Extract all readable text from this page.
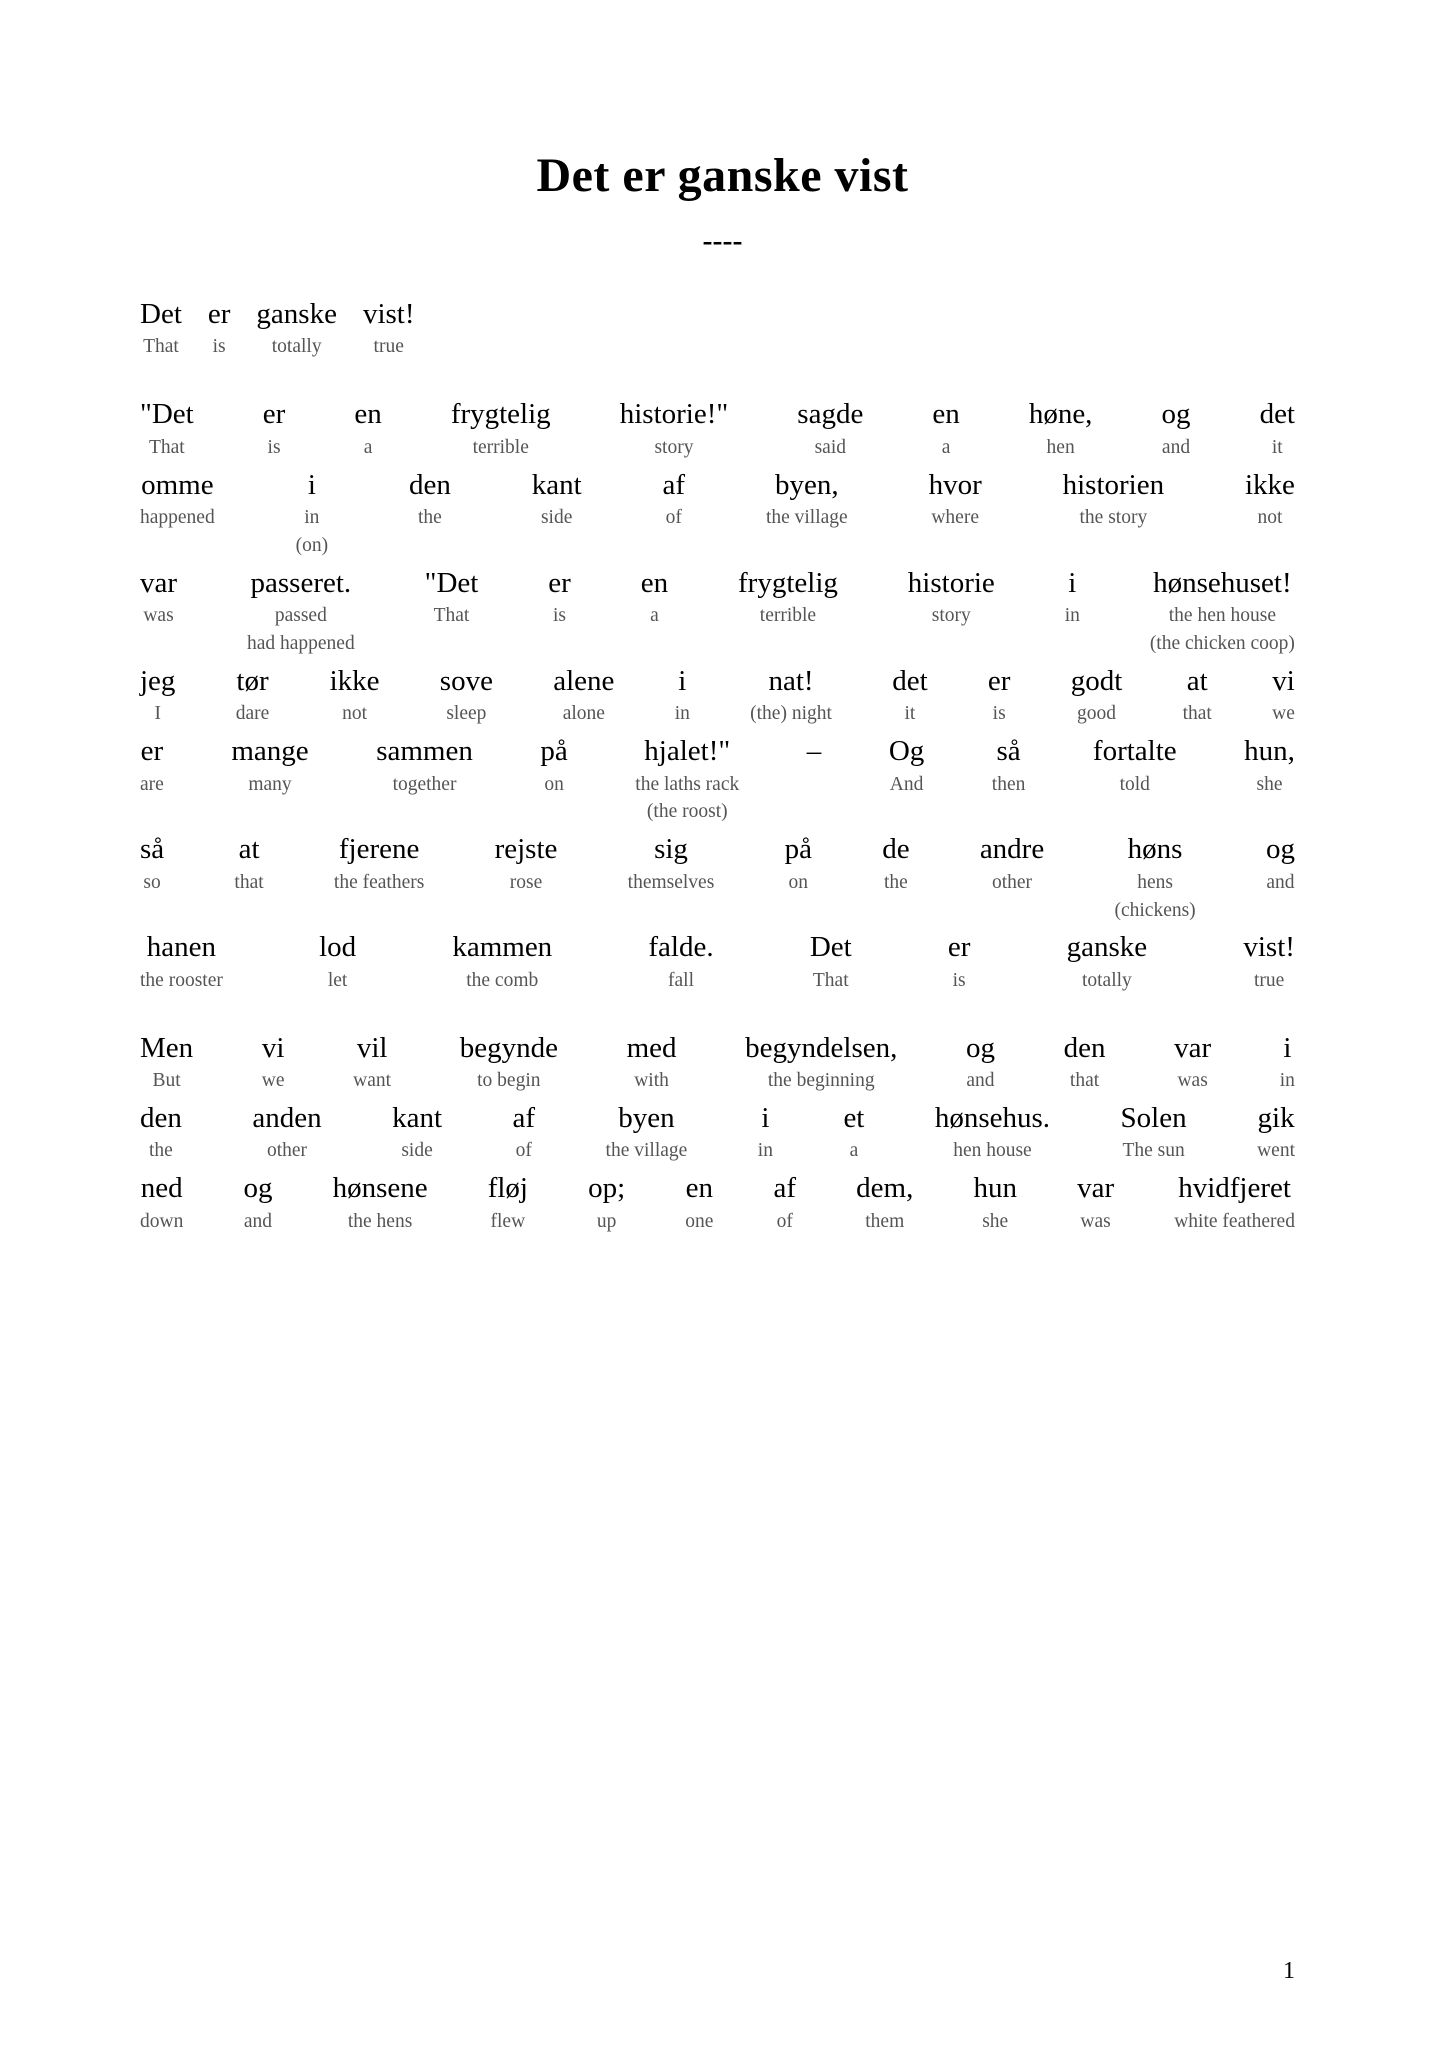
Det er ganske vist
----
Det
That
er
is
ganske
totally
vist!
true
"Det
That
er
is
en
a
frygtelig
terrible
historie!"
story
sagde
said
en
a
høne,
hen
og
and
det
it
omme
happened
i
in
(on)
den
the
kant
side
af
of
byen,
the village
hvor
where
historien
the story
ikke
not
var
was
passeret.
passed
had happened
"Det
That
er
is
en
a
frygtelig
terrible
historie
story
i
in
hønsehuset!
the hen house
(the chicken coop)
jeg
I
tør
dare
ikke
not
sove
sleep
alene
alone
i
in
nat!
(the) night
det
it
er
is
godt
good
at
that
vi
we
er
are
mange
many
sammen
together
på
on
hjalet!"
the laths rack
(the roost)
– Og
And
så
then
fortalte
told
hun,
she
så
so
at
that
fjerene
the feathers
rejste
rose
sig
themselves
på
on
de
the
andre
other
høns
hens
(chickens)
og
and
hanen
the rooster
lod
let
kammen
the comb
falde.
fall
Det
That
er
is
ganske
totally
vist!
true
Men
But
vi
we
vil
want
begynde
to begin
med
with
begyndelsen,
the beginning
og
and
den
that
var
was
i
in
den
the
anden
other
kant
side
af
of
byen
the village
i
in
et
a
hønsehus.
hen house
Solen
The sun
gik
went
ned
down
og
and
hønsene
the hens
fløj
flew
op;
up
en
one
af
of
dem,
them
hun
she
var
was
hvidfjeret
white feathered
1
